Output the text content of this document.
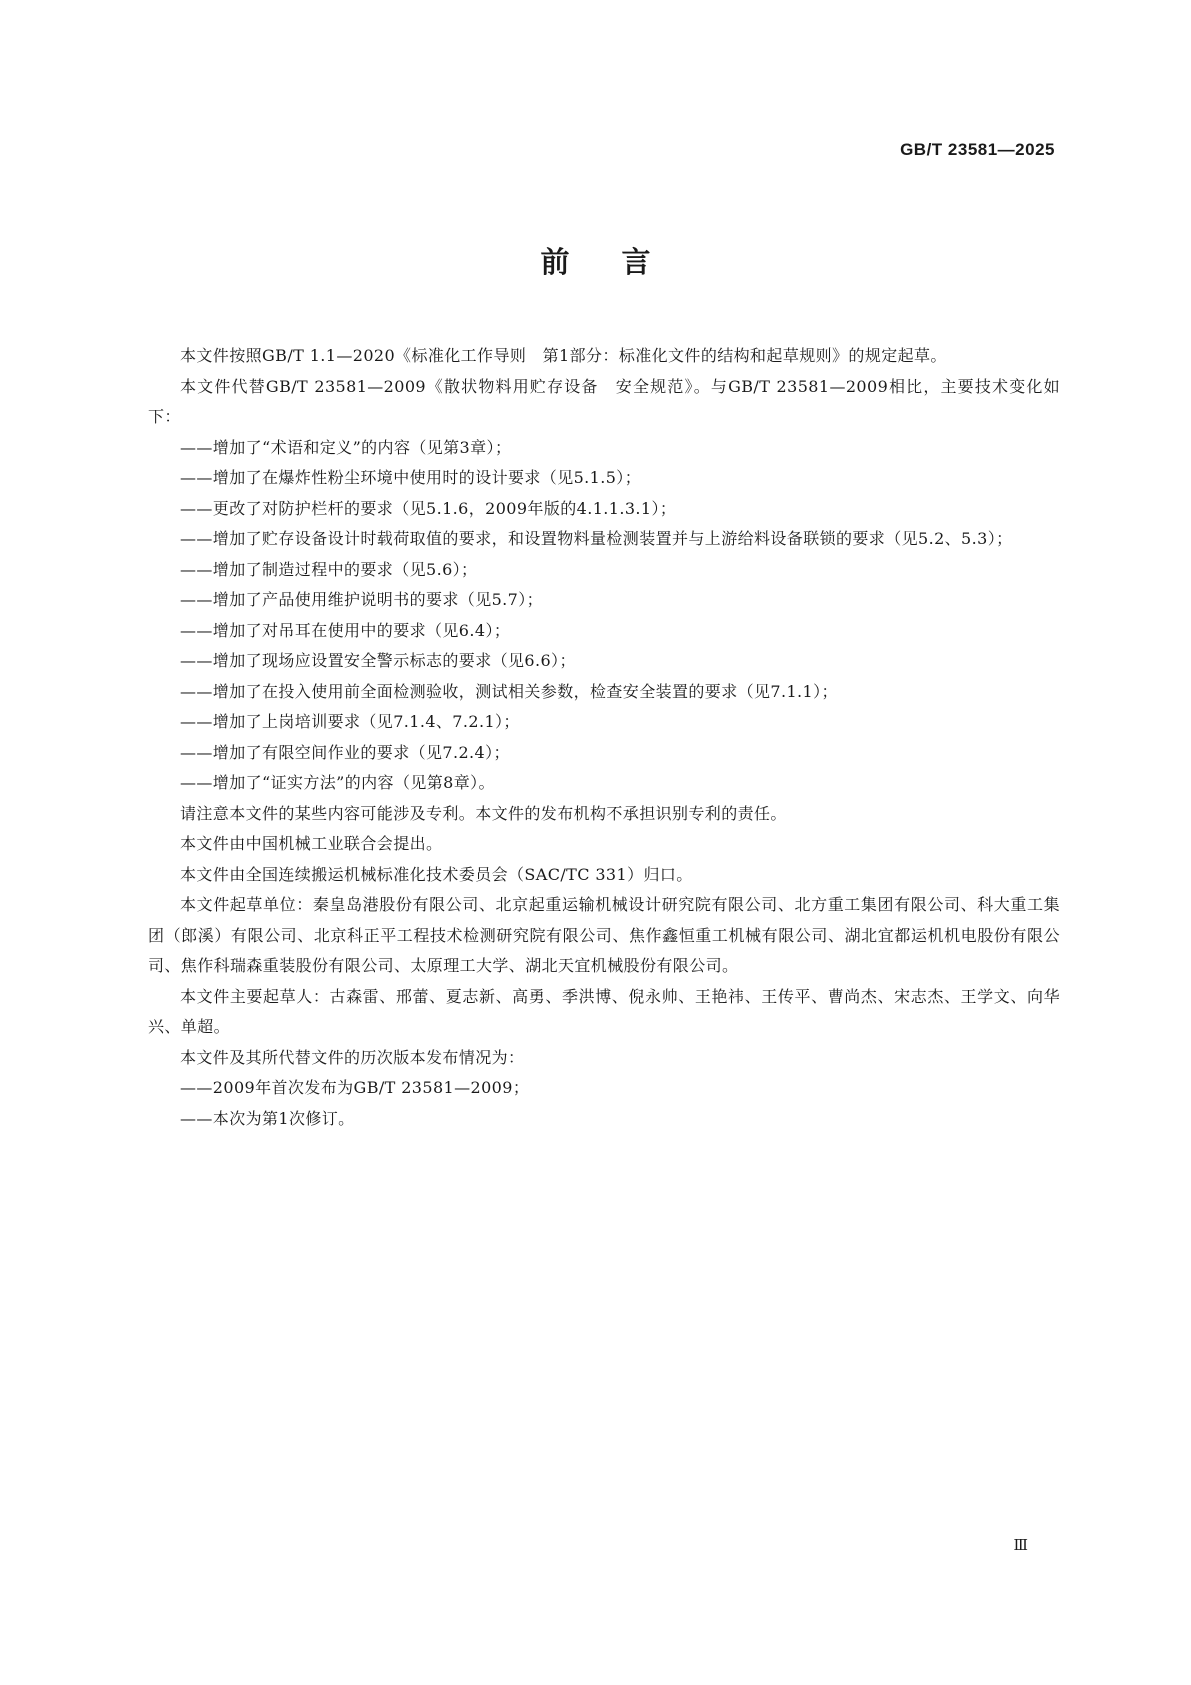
GB/T 23581—2025
前言

本文件按照GB/T 1.1—2020《标准化工作导则　第1部分：标准化文件的结构和起草规则》的规定起草。

本文件代替GB/T 23581—2009《散状物料用贮存设备　安全规范》。与GB/T 23581—2009相比，主要技术变化如下：

——增加了“术语和定义”的内容（见第3章）；

——增加了在爆炸性粉尘环境中使用时的设计要求（见5.1.5）；

——更改了对防护栏杆的要求（见5.1.6，2009年版的4.1.1.3.1）；

——增加了贮存设备设计时载荷取值的要求，和设置物料量检测装置并与上游给料设备联锁的要求（见5.2、5.3）；

——增加了制造过程中的要求（见5.6）；

——增加了产品使用维护说明书的要求（见5.7）；

——增加了对吊耳在使用中的要求（见6.4）；

——增加了现场应设置安全警示标志的要求（见6.6）；

——增加了在投入使用前全面检测验收，测试相关参数，检查安全装置的要求（见7.1.1）；

——增加了上岗培训要求（见7.1.4、7.2.1）；

——增加了有限空间作业的要求（见7.2.4）；

——增加了“证实方法”的内容（见第8章）。

请注意本文件的某些内容可能涉及专利。本文件的发布机构不承担识别专利的责任。

本文件由中国机械工业联合会提出。

本文件由全国连续搬运机械标准化技术委员会（SAC/TC 331）归口。

本文件起草单位：秦皇岛港股份有限公司、北京起重运输机械设计研究院有限公司、北方重工集团有限公司、科大重工集团（郎溪）有限公司、北京科正平工程技术检测研究院有限公司、焦作鑫恒重工机械有限公司、湖北宜都运机机电股份有限公司、焦作科瑞森重装股份有限公司、太原理工大学、湖北天宜机械股份有限公司。

本文件主要起草人：古森雷、邢蕾、夏志新、高勇、季洪博、倪永帅、王艳祎、王传平、曹尚杰、宋志杰、王学文、向华兴、单超。

本文件及其所代替文件的历次版本发布情况为：

——2009年首次发布为GB/T 23581—2009；

——本次为第1次修订。

Ⅲ
